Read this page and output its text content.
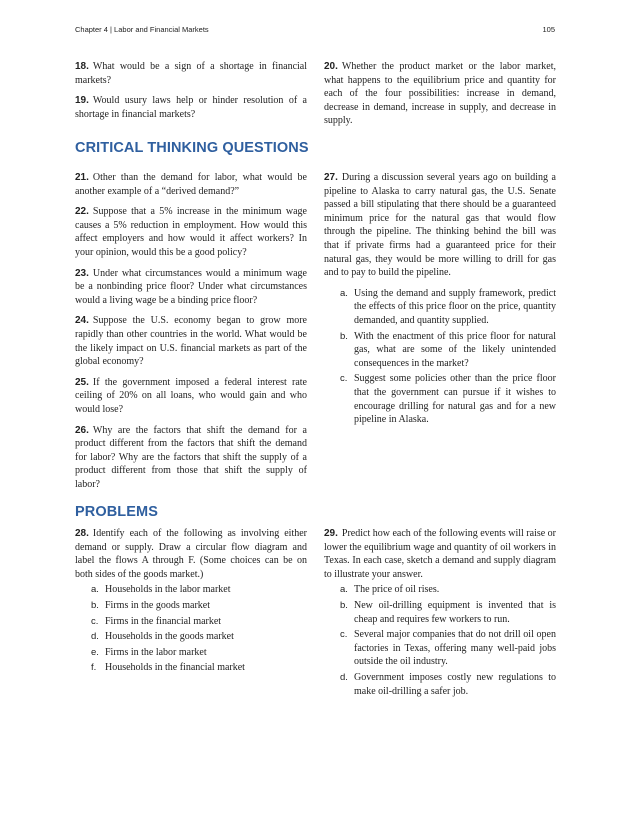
Chapter 4 | Labor and Financial Markets	105

18. What would be a sign of a shortage in financial markets?

19. Would usury laws help or hinder resolution of a shortage in financial markets?

20. Whether the product market or the labor market, what happens to the equilibrium price and quantity for each of the four possibilities: increase in demand, decrease in demand, increase in supply, and decrease in supply.

CRITICAL THINKING QUESTIONS

21. Other than the demand for labor, what would be another example of a “derived demand?”

22. Suppose that a 5% increase in the minimum wage causes a 5% reduction in employment. How would this affect employers and how would it affect workers? In your opinion, would this be a good policy?

23. Under what circumstances would a minimum wage be a nonbinding price floor? Under what circumstances would a living wage be a binding price floor?

24. Suppose the U.S. economy began to grow more rapidly than other countries in the world. What would be the likely impact on U.S. financial markets as part of the global economy?

25. If the government imposed a federal interest rate ceiling of 20% on all loans, who would gain and who would lose?

26. Why are the factors that shift the demand for a product different from the factors that shift the demand for labor? Why are the factors that shift the supply of a product different from those that shift the supply of labor?

27. During a discussion several years ago on building a pipeline to Alaska to carry natural gas, the U.S. Senate passed a bill stipulating that there should be a guaranteed minimum price for the natural gas that would flow through the pipeline. The thinking behind the bill was that if private firms had a guaranteed price for their natural gas, they would be more willing to drill for gas and to pay to build the pipeline.

a. Using the demand and supply framework, predict the effects of this price floor on the price, quantity demanded, and quantity supplied.
b. With the enactment of this price floor for natural gas, what are some of the likely unintended consequences in the market?
c. Suggest some policies other than the price floor that the government can pursue if it wishes to encourage drilling for natural gas and for a new pipeline in Alaska.
PROBLEMS

28. Identify each of the following as involving either demand or supply. Draw a circular flow diagram and label the flows A through F. (Some choices can be on both sides of the goods market.)

a. Households in the labor market
b. Firms in the goods market
c. Firms in the financial market
d. Households in the goods market
e. Firms in the labor market
f. Households in the financial market

29. Predict how each of the following events will raise or lower the equilibrium wage and quantity of oil workers in Texas. In each case, sketch a demand and supply diagram to illustrate your answer.

a. The price of oil rises.
b. New oil-drilling equipment is invented that is cheap and requires few workers to run.
c. Several major companies that do not drill oil open factories in Texas, offering many well-paid jobs outside the oil industry.
d. Government imposes costly new regulations to make oil-drilling a safer job.
